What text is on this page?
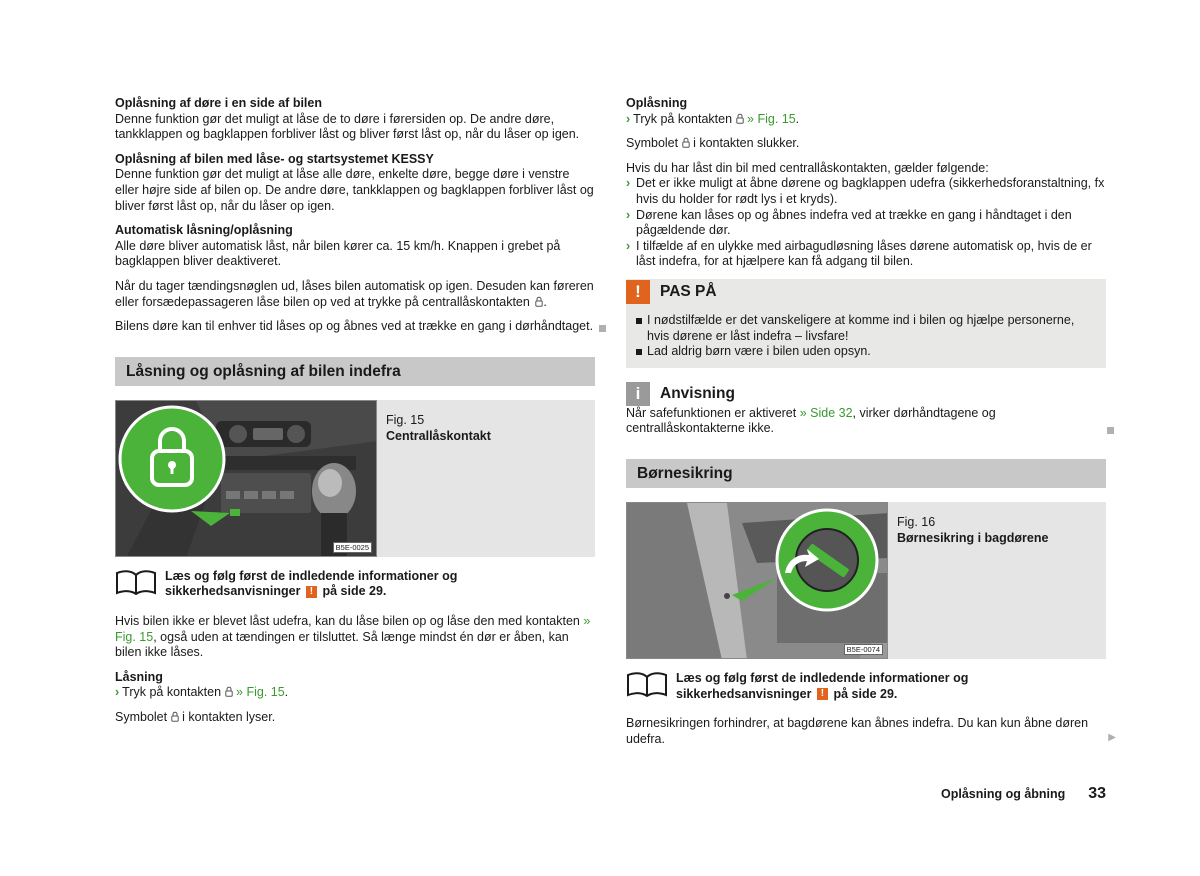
Oplåsning af døre i en side af bilen
Denne funktion gør det muligt at låse de to døre i førersiden op. De andre døre, tankklappen og bagklappen forbliver låst og bliver først låst op, når du låser op igen.
Oplåsning af bilen med låse- og startsystemet KESSY
Denne funktion gør det muligt at låse alle døre, enkelte døre, begge døre i venstre eller højre side af bilen op. De andre døre, tankklappen og bagklappen forbliver låst og bliver først låst op, når du låser op igen.
Automatisk låsning/oplåsning
Alle døre bliver automatisk låst, når bilen kører ca. 15 km/h. Knappen i grebet på bagklappen bliver deaktiveret.
Når du tager tændingsnøglen ud, låses bilen automatisk op igen. Desuden kan føreren eller forsædepassageren låse bilen op ved at trykke på centrallåskontakten .
Bilens døre kan til enhver tid låses op og åbnes ved at trække en gang i dørhåndtaget.
Låsning og oplåsning af bilen indefra
B5E-0025
Fig. 15
Centrallåskontakt
Læs og følg først de indledende informationer og sikkerhedsanvisninger ! på side 29.
Hvis bilen ikke er blevet låst udefra, kan du låse bilen op og låse den med kontakten » Fig. 15, også uden at tændingen er tilsluttet. Så længe mindst én dør er åben, kan bilen ikke låses.
Låsning
› Tryk på kontakten » Fig. 15.
Symbolet i kontakten lyser.
Oplåsning
› Tryk på kontakten » Fig. 15.
Symbolet i kontakten slukker.
Hvis du har låst din bil med centrallåskontakten, gælder følgende:
› Det er ikke muligt at åbne dørene og bagklappen udefra (sikkerhedsforanstaltning, fx hvis du holder for rødt lys i et kryds).
› Dørene kan låses op og åbnes indefra ved at trække en gang i håndtaget i den pågældende dør.
› I tilfælde af en ulykke med airbagudløsning låses dørene automatisk op, hvis de er låst indefra, for at hjælpere kan få adgang til bilen.
!	PAS PÅ
I nødstilfælde er det vanskeligere at komme ind i bilen og hjælpe personerne, hvis dørene er låst indefra – livsfare!
Lad aldrig børn være i bilen uden opsyn.
i	Anvisning
Når safefunktionen er aktiveret » Side 32, virker dørhåndtagene og centrallåskontakterne ikke.
Børnesikring
B5E-0074
Fig. 16
Børnesikring i bagdørene
Læs og følg først de indledende informationer og sikkerhedsanvisninger ! på side 29.
Børnesikringen forhindrer, at bagdørene kan åbnes indefra. Du kan kun åbne døren udefra.	▶
Oplåsning og åbning 33
